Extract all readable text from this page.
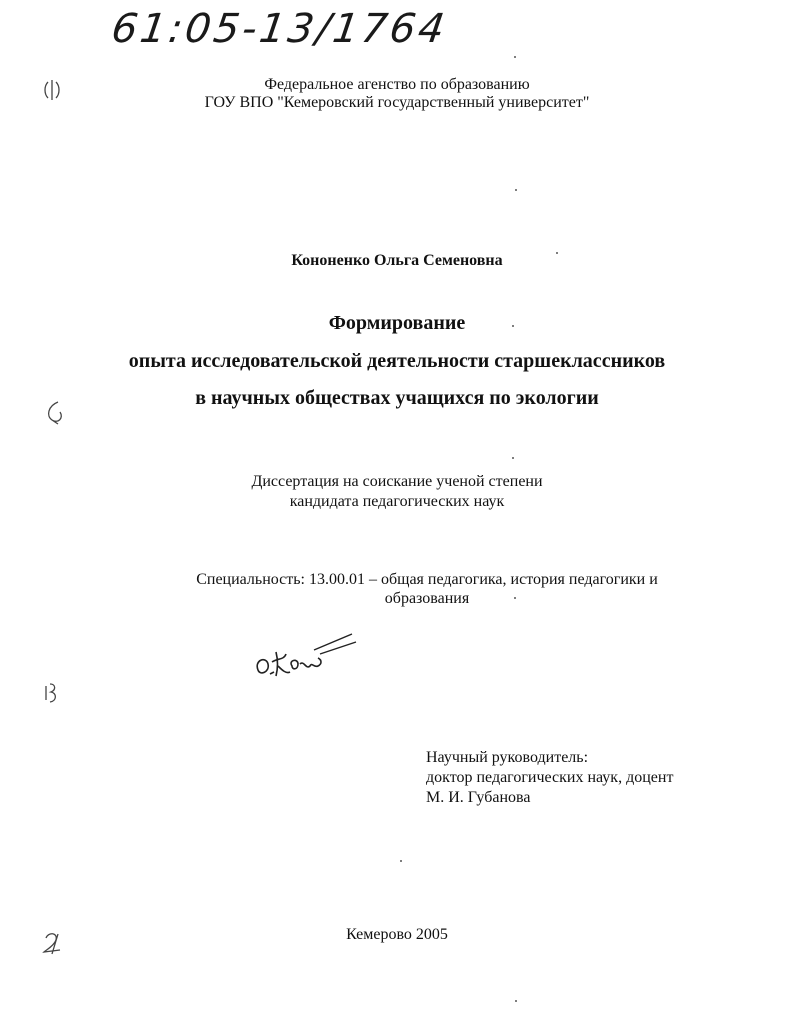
61:05-13/1764
Федеральное агенство по образованию
ГОУ ВПО "Кемеровский государственный университет"
Кононенко Ольга Семеновна
Формирование
опыта исследовательской деятельности старшеклассников
в научных обществах учащихся по экологии
Диссертация на соискание ученой степени
кандидата педагогических наук
Специальность: 13.00.01 – общая педагогика, история педагогики и
образования
Научный руководитель:
доктор педагогических наук, доцент
М. И. Губанова
Кемерово 2005
